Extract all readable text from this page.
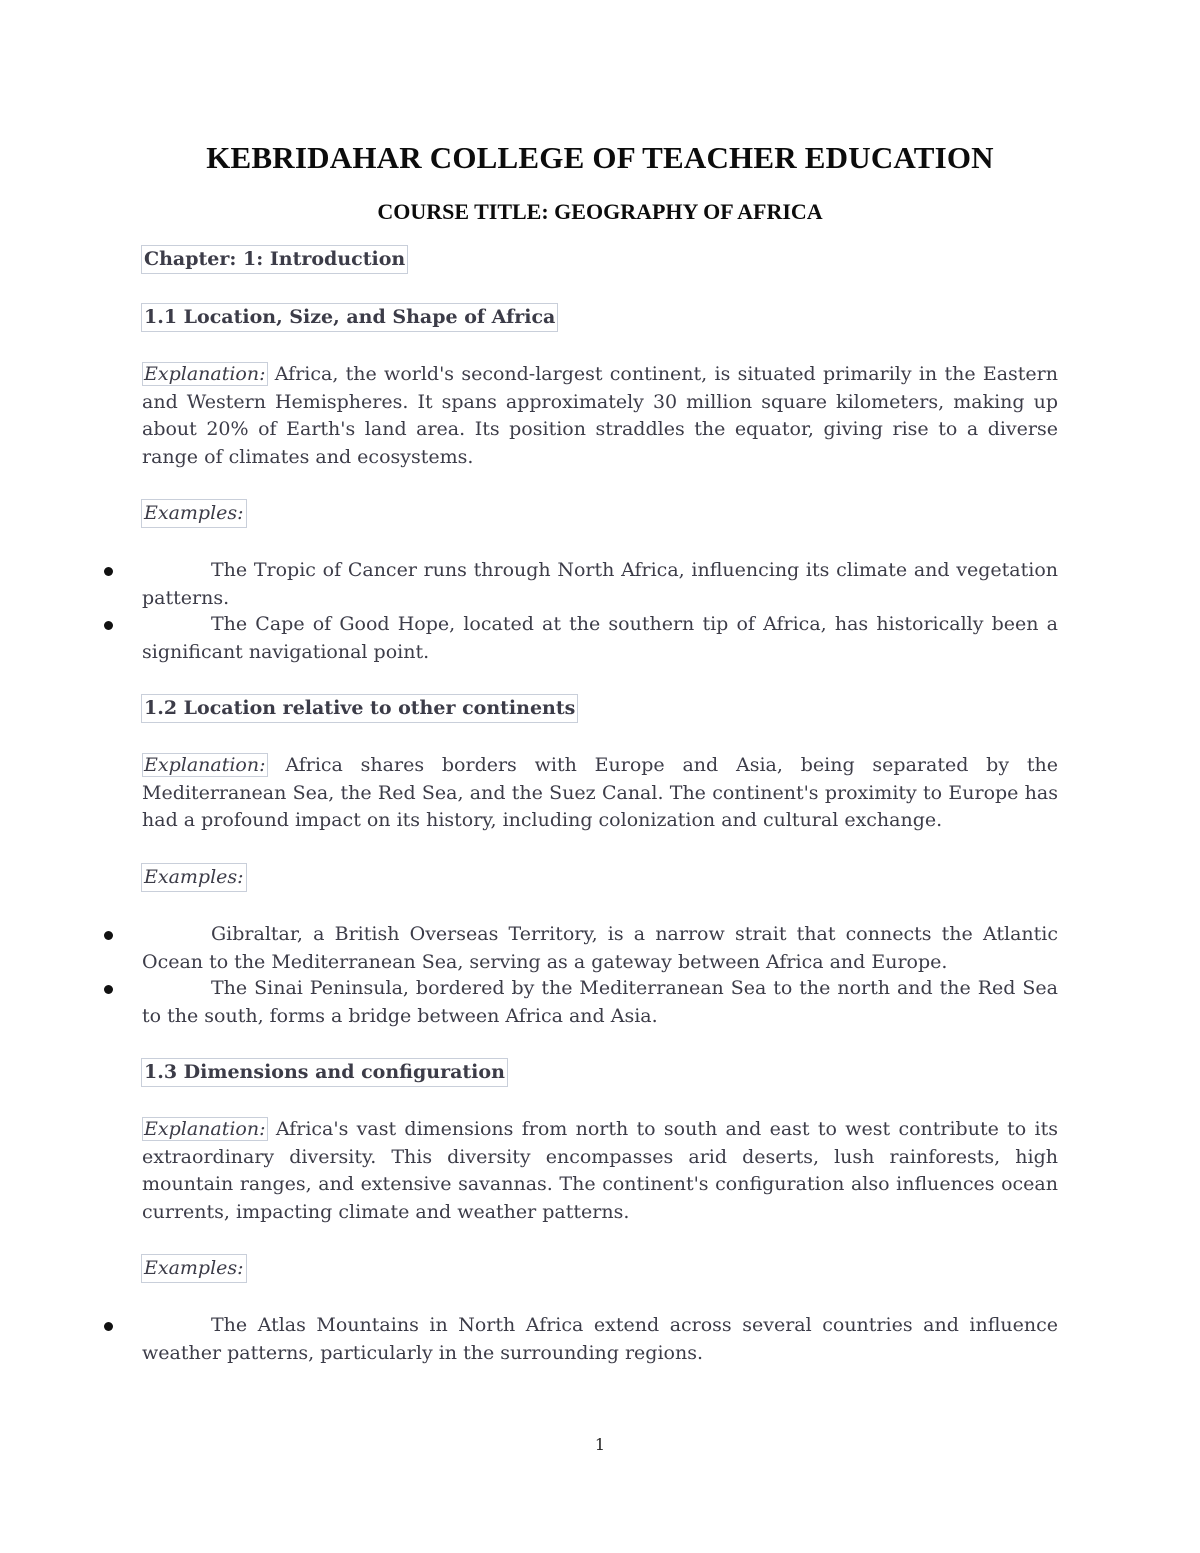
KEBRIDAHAR COLLEGE OF TEACHER EDUCATION
COURSE TITLE: GEOGRAPHY OF AFRICA
Chapter: 1: Introduction
1.1 Location, Size, and Shape of Africa
Explanation: Africa, the world's second-largest continent, is situated primarily in the Eastern and Western Hemispheres. It spans approximately 30 million square kilometers, making up about 20% of Earth's land area. Its position straddles the equator, giving rise to a diverse range of climates and ecosystems.
Examples:
The Tropic of Cancer runs through North Africa, influencing its climate and vegetation patterns.
The Cape of Good Hope, located at the southern tip of Africa, has historically been a significant navigational point.
1.2 Location relative to other continents
Explanation: Africa shares borders with Europe and Asia, being separated by the Mediterranean Sea, the Red Sea, and the Suez Canal. The continent's proximity to Europe has had a profound impact on its history, including colonization and cultural exchange.
Examples:
Gibraltar, a British Overseas Territory, is a narrow strait that connects the Atlantic Ocean to the Mediterranean Sea, serving as a gateway between Africa and Europe.
The Sinai Peninsula, bordered by the Mediterranean Sea to the north and the Red Sea to the south, forms a bridge between Africa and Asia.
1.3 Dimensions and configuration
Explanation: Africa's vast dimensions from north to south and east to west contribute to its extraordinary diversity. This diversity encompasses arid deserts, lush rainforests, high mountain ranges, and extensive savannas. The continent's configuration also influences ocean currents, impacting climate and weather patterns.
Examples:
The Atlas Mountains in North Africa extend across several countries and influence weather patterns, particularly in the surrounding regions.
1
